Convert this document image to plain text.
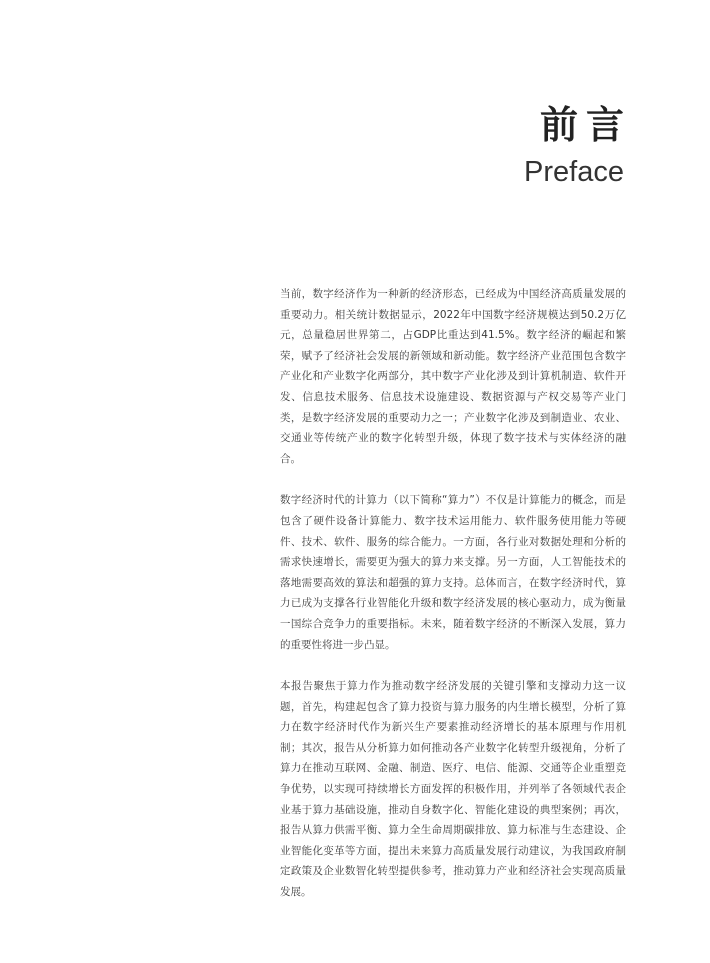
前言
Preface

当前，数字经济作为一种新的经济形态，已经成为中国经济高质量发展的重要动力。相关统计数据显示，2022年中国数字经济规模达到50.2万亿元，总量稳居世界第二，占GDP比重达到41.5%。数字经济的崛起和繁荣，赋予了经济社会发展的新领域和新动能。数字经济产业范围包含数字产业化和产业数字化两部分，其中数字产业化涉及到计算机制造、软件开发、信息技术服务、信息技术设施建设、数据资源与产权交易等产业门类，是数字经济发展的重要动力之一；产业数字化涉及到制造业、农业、交通业等传统产业的数字化转型升级，体现了数字技术与实体经济的融合。

数字经济时代的计算力（以下简称“算力”）不仅是计算能力的概念，而是包含了硬件设备计算能力、数字技术运用能力、软件服务使用能力等硬件、技术、软件、服务的综合能力。一方面，各行业对数据处理和分析的需求快速增长，需要更为强大的算力来支撑。另一方面，人工智能技术的落地需要高效的算法和超强的算力支持。总体而言，在数字经济时代，算力已成为支撑各行业智能化升级和数字经济发展的核心驱动力，成为衡量一国综合竞争力的重要指标。未来，随着数字经济的不断深入发展，算力的重要性将进一步凸显。

本报告聚焦于算力作为推动数字经济发展的关键引擎和支撑动力这一议题，首先，构建起包含了算力投资与算力服务的内生增长模型，分析了算力在数字经济时代作为新兴生产要素推动经济增长的基本原理与作用机制；其次，报告从分析算力如何推动各产业数字化转型升级视角，分析了算力在推动互联网、金融、制造、医疗、电信、能源、交通等企业重塑竞争优势，以实现可持续增长方面发挥的积极作用，并列举了各领域代表企业基于算力基础设施，推动自身数字化、智能化建设的典型案例；再次，报告从算力供需平衡、算力全生命周期碳排放、算力标准与生态建设、企业智能化变革等方面，提出未来算力高质量发展行动建议，为我国政府制定政策及企业数智化转型提供参考，推动算力产业和经济社会实现高质量发展。
